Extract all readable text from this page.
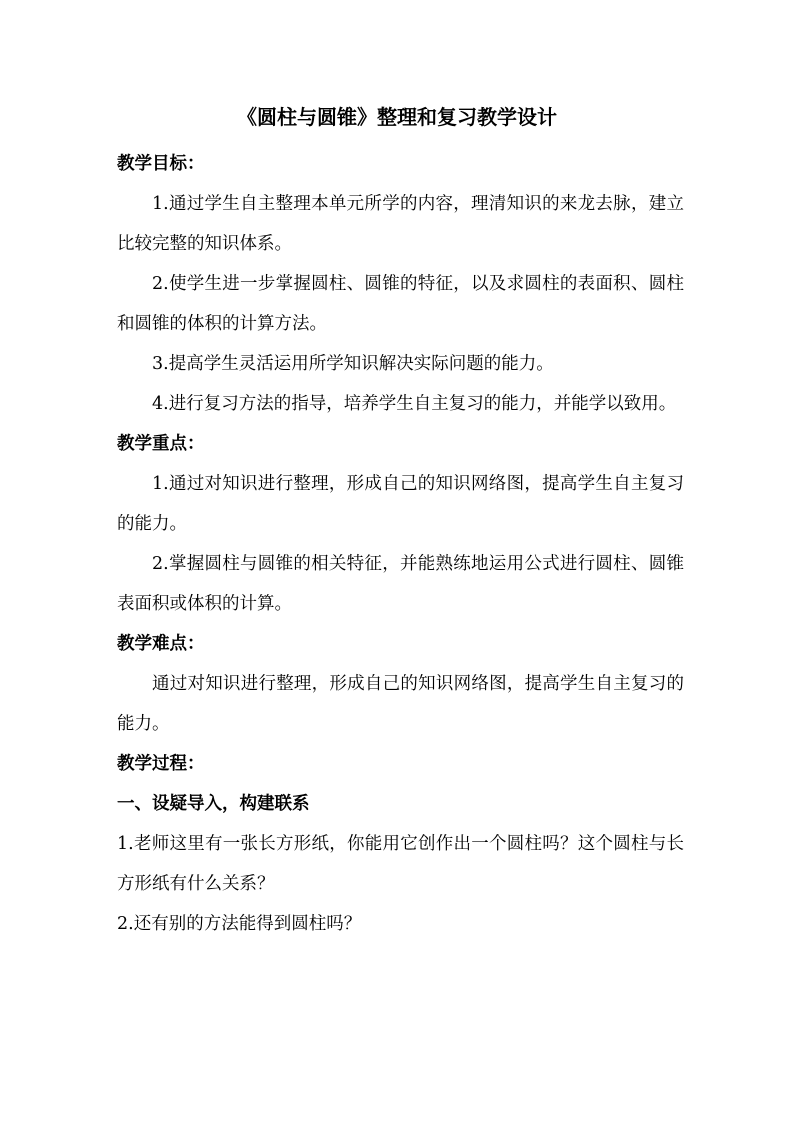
《圆柱与圆锥》整理和复习教学设计

教学目标：

1.通过学生自主整理本单元所学的内容，理清知识的来龙去脉，建立比较完整的知识体系。

2.使学生进一步掌握圆柱、圆锥的特征，以及求圆柱的表面积、圆柱和圆锥的体积的计算方法。

3.提高学生灵活运用所学知识解决实际问题的能力。

4.进行复习方法的指导，培养学生自主复习的能力，并能学以致用。

教学重点：

1.通过对知识进行整理，形成自己的知识网络图，提高学生自主复习的能力。

2.掌握圆柱与圆锥的相关特征，并能熟练地运用公式进行圆柱、圆锥表面积或体积的计算。

教学难点：

通过对知识进行整理，形成自己的知识网络图，提高学生自主复习的能力。

教学过程：

一、设疑导入，构建联系

1.老师这里有一张长方形纸，你能用它创作出一个圆柱吗？这个圆柱与长方形纸有什么关系？

2.还有别的方法能得到圆柱吗？
